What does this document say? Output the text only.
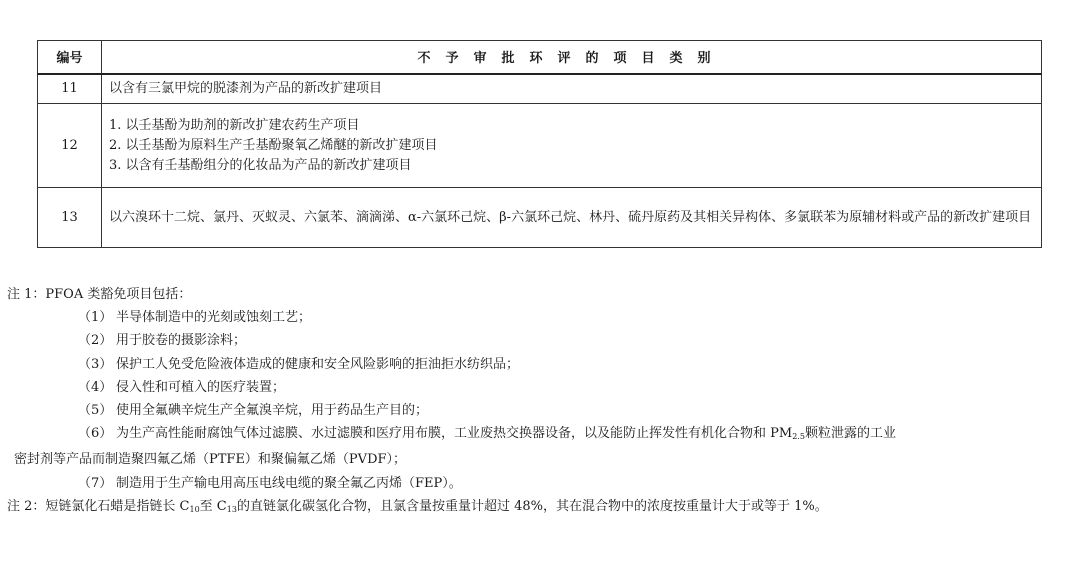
编号	不予审批环评的项目类别
11	以含有三氯甲烷的脱漆剂为产品的新改扩建项目

12	1. 以壬基酚为助剂的新改扩建农药生产项目
2. 以壬基酚为原料生产壬基酚聚氧乙烯醚的新改扩建项目
3. 以含有壬基酚组分的化妆品为产品的新改扩建项目

13	以六溴环十二烷、氯丹、灭蚁灵、六氯苯、滴滴涕、α-六氯环己烷、β-六氯环己烷、林丹、硫丹原药及其相关异构体、多氯联苯为原辅材料或产品的新改扩建项目
注 1：PFOA 类豁免项目包括：
（1） 半导体制造中的光刻或蚀刻工艺；
（2） 用于胶卷的摄影涂料；
（3） 保护工人免受危险液体造成的健康和安全风险影响的拒油拒水纺织品；
（4） 侵入性和可植入的医疗装置；
（5） 使用全氟碘辛烷生产全氟溴辛烷，用于药品生产目的；
（6） 为生产高性能耐腐蚀气体过滤膜、水过滤膜和医疗用布膜，工业废热交换器设备，以及能防止挥发性有机化合物和 $PM_{2.5}$颗粒泄露的工业
密封剂等产品而制造聚四氟乙烯（PTFE）和聚偏氟乙烯（PVDF）；
（7） 制造用于生产输电用高压电线电缆的聚全氟乙丙烯（FEP）。
注 2：短链氯化石蜡是指链长 $C_{10}$至 $C_{13}$的直链氯化碳氢化合物，且氯含量按重量计超过 48%，其在混合物中的浓度按重量计大于或等于 1%。
